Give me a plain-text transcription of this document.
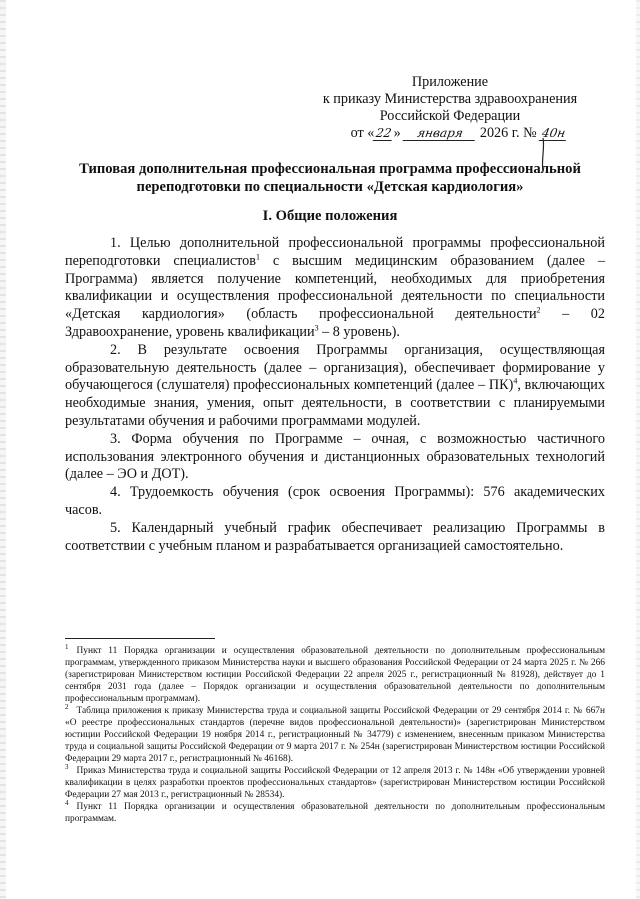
Приложение
к приказу Министерства здравоохранения
Российской Федерации
от «22» января 2026 г. № 40н
Типовая дополнительная профессиональная программа профессиональной
переподготовки по специальности «Детская кардиология»
I. Общие положения

1. Целью дополнительной профессиональной программы профессиональной переподготовки специалистов$^1$ с высшим медицинским образованием (далее – Программа) является получение компетенций, необходимых для приобретения квалификации и осуществления профессиональной деятельности по специальности «Детская кардиология» (область профессиональной деятельности$^2$ – 02 Здравоохранение, уровень квалификации$^3$ – 8 уровень).

2. В результате освоения Программы организация, осуществляющая образовательную деятельность (далее – организация), обеспечивает формирование у обучающегося (слушателя) профессиональных компетенций (далее – ПК)$^4$, включающих необходимые знания, умения, опыт деятельности, в соответствии с планируемыми результатами обучения и рабочими программами модулей.

3. Форма обучения по Программе – очная, с возможностью частичного использования электронного обучения и дистанционных образовательных технологий (далее – ЭО и ДОТ).

4. Трудоемкость обучения (срок освоения Программы): 576 академических часов.

5. Календарный учебный график обеспечивает реализацию Программы в соответствии с учебным планом и разрабатывается организацией самостоятельно.

$^1$ Пункт 11 Порядка организации и осуществления образовательной деятельности по дополнительным профессиональным программам, утвержденного приказом Министерства науки и высшего образования Российской Федерации от 24 марта 2025 г. № 266 (зарегистрирован Министерством юстиции Российской Федерации 22 апреля 2025 г., регистрационный № 81928), действует до 1 сентября 2031 года (далее – Порядок организации и осуществления образовательной деятельности по дополнительным профессиональным программам).

$^2$ Таблица приложения к приказу Министерства труда и социальной защиты Российской Федерации от 29 сентября 2014 г. № 667н «О реестре профессиональных стандартов (перечне видов профессиональной деятельности)» (зарегистрирован Министерством юстиции Российской Федерации 19 ноября 2014 г., регистрационный № 34779) с изменением, внесенным приказом Министерства труда и социальной защиты Российской Федерации от 9 марта 2017 г. № 254н (зарегистрирован Министерством юстиции Российской Федерации 29 марта 2017 г., регистрационный № 46168).

$^3$ Приказ Министерства труда и социальной защиты Российской Федерации от 12 апреля 2013 г. № 148н «Об утверждении уровней квалификации в целях разработки проектов профессиональных стандартов» (зарегистрирован Министерством юстиции Российской Федерации 27 мая 2013 г., регистрационный № 28534).

$^4$ Пункт 11 Порядка организации и осуществления образовательной деятельности по дополнительным профессиональным программам.
